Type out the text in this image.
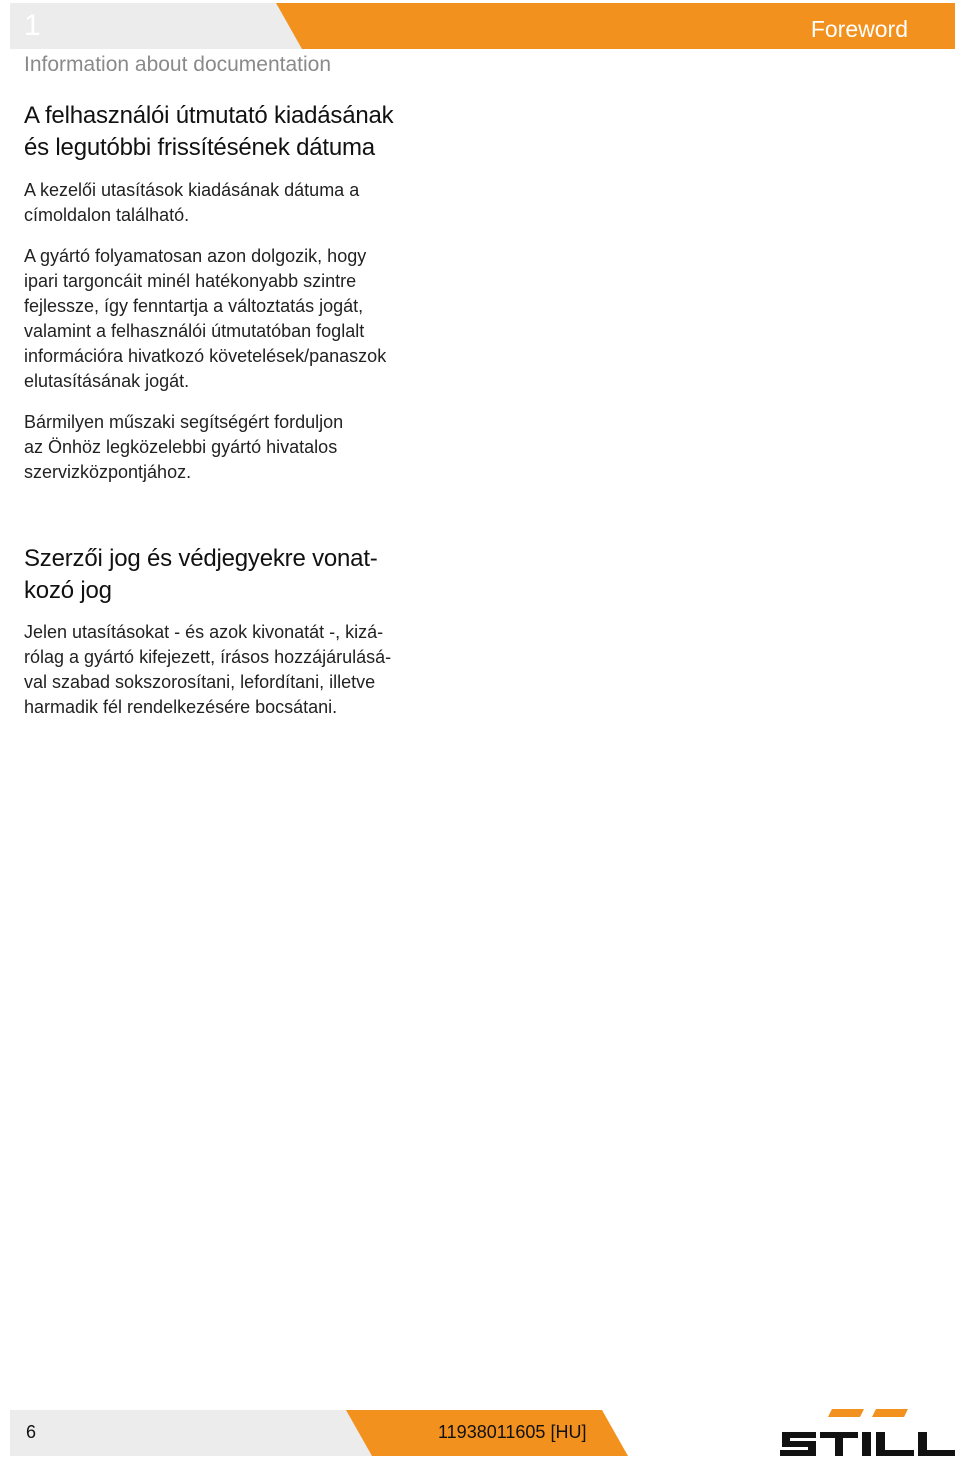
1	Foreword
Information about documentation
A felhasználói útmutató kiadásának
és legutóbbi frissítésének dátuma

A kezelői utasítások kiadásának dátuma a
címoldalon található.

A gyártó folyamatosan azon dolgozik, hogy
ipari targoncáit minél hatékonyabb szintre
fejlessze, így fenntartja a változtatás jogát,
valamint a felhasználói útmutatóban foglalt
információra hivatkozó követelések/panaszok
elutasításának jogát.

Bármilyen műszaki segítségért forduljon
az Önhöz legközelebbi gyártó hivatalos
szervizközpontjához.

Szerzői jog és védjegyekre vonat-
kozó jog

Jelen utasításokat - és azok kivonatát -, kizá-
rólag a gyártó kifejezett, írásos hozzájárulásá-
val szabad sokszorosítani, lefordítani, illetve
harmadik fél rendelkezésére bocsátani.

6	11938011605 [HU]
